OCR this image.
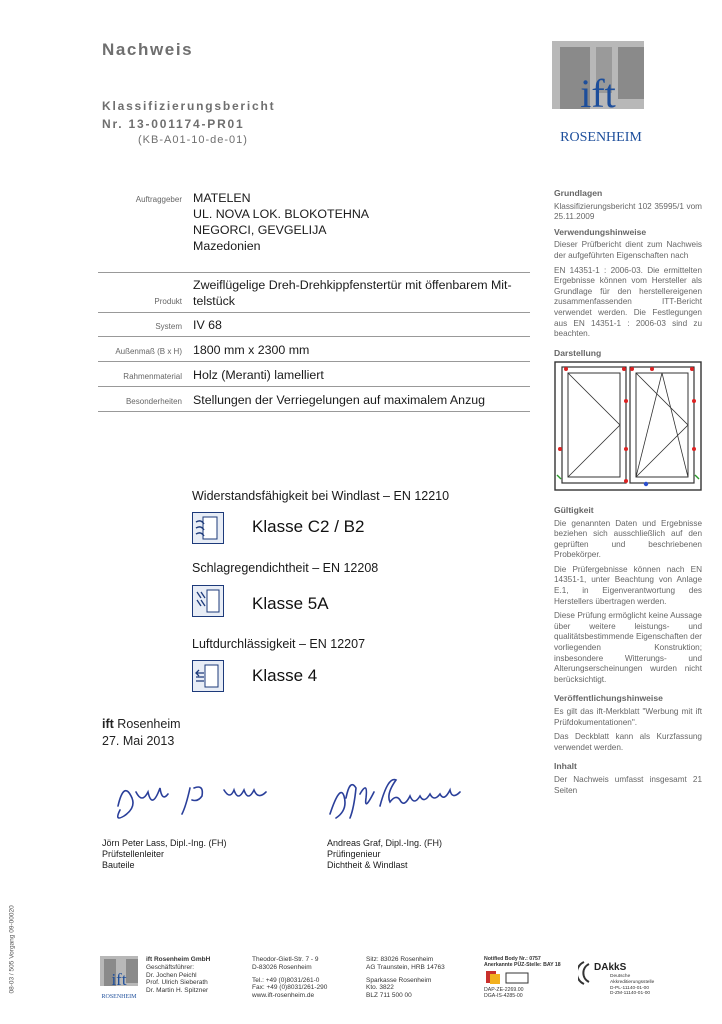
Nachweis
Klassifizierungsbericht
Nr. 13-001174-PR01
(KB-A01-10-de-01)
ift
ROSENHEIM
Auftraggeber MATELEN
UL. NOVA LOK. BLOKOTEHNA
NEGORCI, GEVGELIJA
Mazedonien
Produkt
Zweiflügelige Dreh-Drehkippfenstertür mit öffenbarem Mit-
telstück
System IV 68
Außenmaß (B x H) 1800 mm x 2300 mm
Rahmenmaterial Holz (Meranti) lamelliert
Besonderheiten Stellungen der Verriegelungen auf maximalem Anzug
Widerstandsfähigkeit bei Windlast – EN 12210
Klasse C2 / B2
Schlagregendichtheit – EN 12208
Klasse 5A
Luftdurchlässigkeit – EN 12207
Klasse 4
ift Rosenheim
27. Mai 2013
Jörn Peter Lass, Dipl.-Ing. (FH)
Prüfstellenleiter
Bauteile
Andreas Graf, Dipl.-Ing. (FH)
Prüfingenieur
Dichtheit & Windlast
Grundlagen

Klassifizierungsbericht 102 35995/1 vom 25.11.2009

Verwendungshinweise

Dieser Prüfbericht dient zum Nachweis der aufgeführten Eigenschaften nach

EN 14351-1 : 2006-03. Die ermittelten Ergebnisse können vom Hersteller als Grundlage für den herstellereigenen zusammenfassenden ITT-Bericht verwendet werden. Die Festlegungen aus EN 14351-1 : 2006-03 sind zu beachten.

Darstellung
Gültigkeit

Die genannten Daten und Ergebnisse beziehen sich ausschließlich auf den geprüften und beschriebenen Probekörper.

Die Prüfergebnisse können nach EN 14351-1, unter Beachtung von Anlage E.1, in Eigenverantwortung des Herstellers übertragen werden.

Diese Prüfung ermöglicht keine Aussage über weitere leistungs- und qualitätsbestimmende Eigenschaften der vorliegenden Konstruktion; insbesondere Witterungs- und Alterungserscheinungen wurden nicht berücksichtigt.

Veröffentlichungshinweise

Es gilt das ift-Merkblatt "Werbung mit ift Prüfdokumentationen".

Das Deckblatt kann als Kurzfassung verwendet werden.

Inhalt

Der Nachweis umfasst insgesamt 21 Seiten

08-03 / 505 Vorgang 09-00020	ift
ROSENHEIM
ift Rosenheim GmbH
Geschäftsführer:
Dr. Jochen Peichl
Prof. Ulrich Sieberath
Dr. Martin H. Spitzner
Theodor-Gietl-Str. 7 - 9
D-83026 Rosenheim
Tel.: +49 (0)8031/261-0
Fax: +49 (0)8031/261-290
www.ift-rosenheim.de
Sitz: 83026 Rosenheim
AG Traunstein, HRB 14763
Sparkasse Rosenheim
Kto. 3822
BLZ 711 500 00
Notified Body Nr.: 0757
Anerkannte PÜZ-Stelle: BAY 18
DAP-ZE-2269.00
DGA-IS-4285-00
DAkkS
Deutsche
Akkreditierungsstelle
D-PL-11140-01-00
D-ZM-11140-01-00
